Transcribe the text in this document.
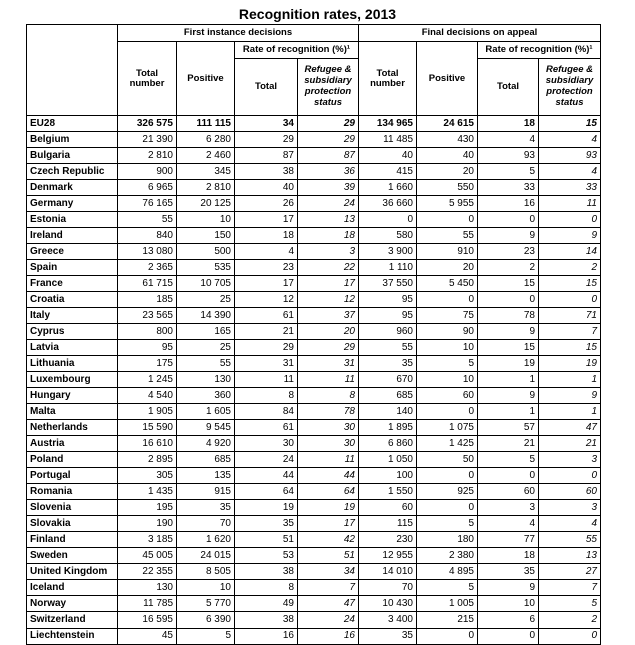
Recognition rates, 2013
	First instance decisions				Final decisions on appeal			
	Total number	Positive	Rate of recognition (%)¹		Total number	Positive	Rate of recognition (%)¹	
			Total	Refugee & subsidiary protection status			Total	Refugee & subsidiary protection status
EU28	326 575	111 115	34	29	134 965	24 615	18	15
Belgium	21 390	6 280	29	29	11 485	430	4	4
Bulgaria	2 810	2 460	87	87	40	40	93	93
Czech Republic	900	345	38	36	415	20	5	4
Denmark	6 965	2 810	40	39	1 660	550	33	33
Germany	76 165	20 125	26	24	36 660	5 955	16	11
Estonia	55	10	17	13	0	0	0	0
Ireland	840	150	18	18	580	55	9	9
Greece	13 080	500	4	3	3 900	910	23	14
Spain	2 365	535	23	22	1 110	20	2	2
France	61 715	10 705	17	17	37 550	5 450	15	15
Croatia	185	25	12	12	95	0	0	0
Italy	23 565	14 390	61	37	95	75	78	71
Cyprus	800	165	21	20	960	90	9	7
Latvia	95	25	29	29	55	10	15	15
Lithuania	175	55	31	31	35	5	19	19
Luxembourg	1 245	130	11	11	670	10	1	1
Hungary	4 540	360	8	8	685	60	9	9
Malta	1 905	1 605	84	78	140	0	1	1
Netherlands	15 590	9 545	61	30	1 895	1 075	57	47
Austria	16 610	4 920	30	30	6 860	1 425	21	21
Poland	2 895	685	24	11	1 050	50	5	3
Portugal	305	135	44	44	100	0	0	0
Romania	1 435	915	64	64	1 550	925	60	60
Slovenia	195	35	19	19	60	0	3	3
Slovakia	190	70	35	17	115	5	4	4
Finland	3 185	1 620	51	42	230	180	77	55
Sweden	45 005	24 015	53	51	12 955	2 380	18	13
United Kingdom	22 355	8 505	38	34	14 010	4 895	35	27
Iceland	130	10	8	7	70	5	9	7
Norway	11 785	5 770	49	47	10 430	1 005	10	5
Switzerland	16 595	6 390	38	24	3 400	215	6	2
Liechtenstein	45	5	16	16	35	0	0	0
